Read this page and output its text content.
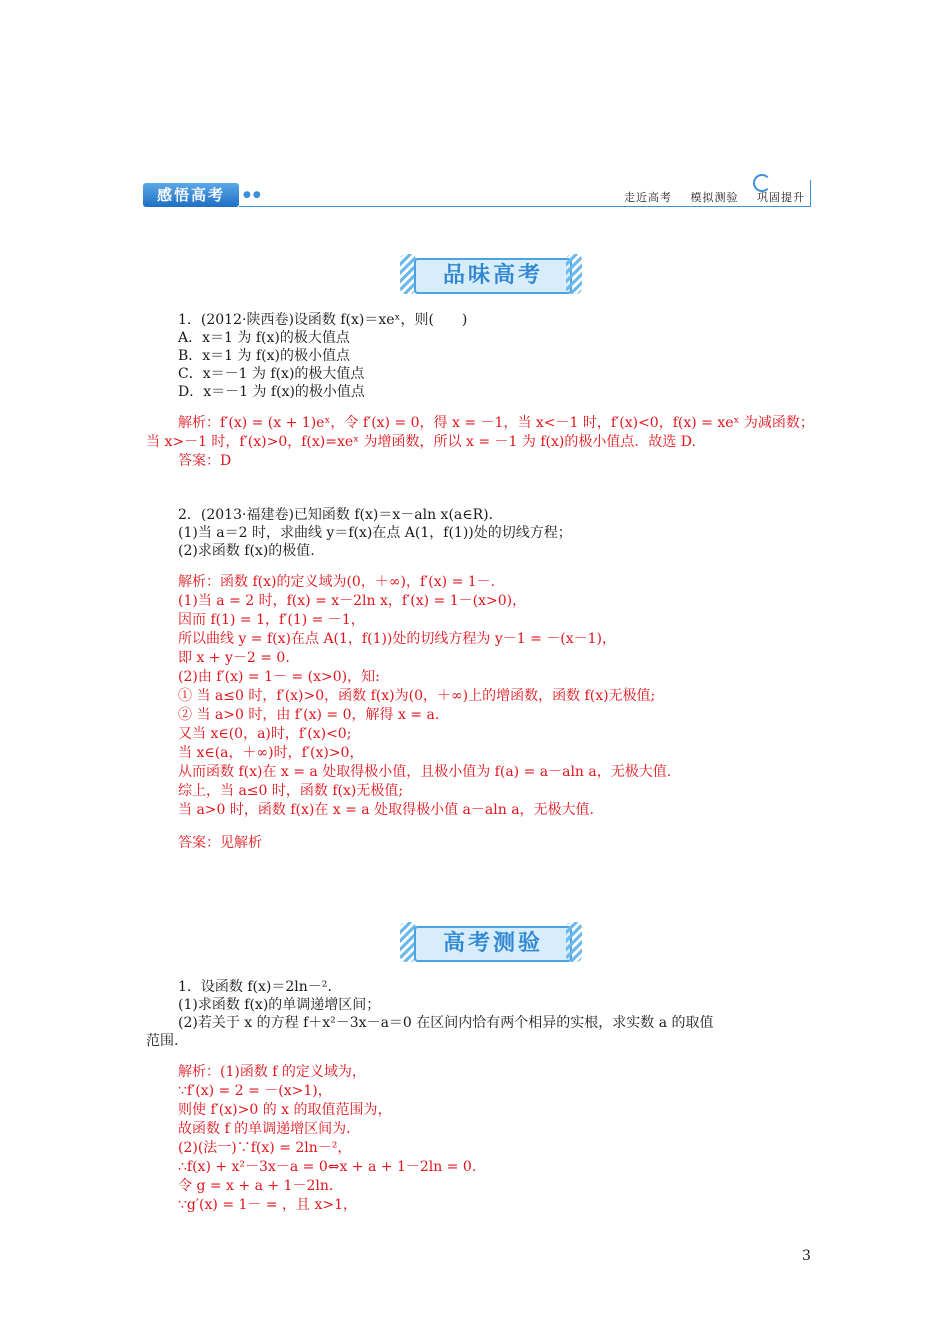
感悟高考	●●	走近高考 模拟测验 巩固提升
品味高考
1．(2012·陕西卷)设函数 f(x)＝xeˣ，则(　　)
A．x＝1 为 f(x)的极大值点
B．x＝1 为 f(x)的极小值点
C．x＝－1 为 f(x)的极大值点
D．x＝－1 为 f(x)的极小值点
解析：f′(x) = (x + 1)eˣ，令 f′(x) = 0，得 x = －1，当 x<－1 时，f′(x)<0，f(x) = xeˣ 为减函数；
当 x>－1 时，f′(x)>0，f(x)=xeˣ 为增函数，所以 x = －1 为 f(x)的极小值点．故选 D.
答案：D
2．(2013·福建卷)已知函数 f(x)＝x－aln x(a∈R)．
(1)当 a＝2 时，求曲线 y＝f(x)在点 A(1，f(1))处的切线方程；
(2)求函数 f(x)的极值.
解析：函数 f(x)的定义域为(0，＋∞)，f′(x) = 1－.
(1)当 a = 2 时，f(x) = x－2ln x，f′(x) = 1－(x>0)，
因而 f(1) = 1，f′(1) = －1，
所以曲线 y = f(x)在点 A(1，f(1))处的切线方程为 y－1 = －(x－1)，
即 x + y－2 = 0.
(2)由 f′(x) = 1－ = (x>0)，知:
① 当 a≤0 时，f′(x)>0，函数 f(x)为(0，＋∞)上的增函数，函数 f(x)无极值;
② 当 a>0 时，由 f′(x) = 0，解得 x = a.
又当 x∈(0，a)时，f′(x)<0;
当 x∈(a，＋∞)时，f′(x)>0，
从而函数 f(x)在 x = a 处取得极小值，且极小值为 f(a) = a－aln a，无极大值.
综上，当 a≤0 时，函数 f(x)无极值;
当 a>0 时，函数 f(x)在 x = a 处取得极小值 a－aln a，无极大值.
答案：见解析
高考测验
1．设函数 f(x)＝2ln－².
(1)求函数 f(x)的单调递增区间；
(2)若关于 x 的方程 f＋x²－3x－a＝0 在区间内恰有两个相异的实根，求实数 a 的取值
范围.
解析：(1)函数 f 的定义域为，
∵f′(x) = 2 = －(x>1)，
则使 f′(x)>0 的 x 的取值范围为，
故函数 f 的单调递增区间为.
(2)(法一)∵f(x) = 2ln－²，
∴f(x) + x²－3x－a = 0⇔x + a + 1－2ln = 0.
令 g = x + a + 1－2ln.
∵g′(x) = 1－ = ，且 x>1，
3
